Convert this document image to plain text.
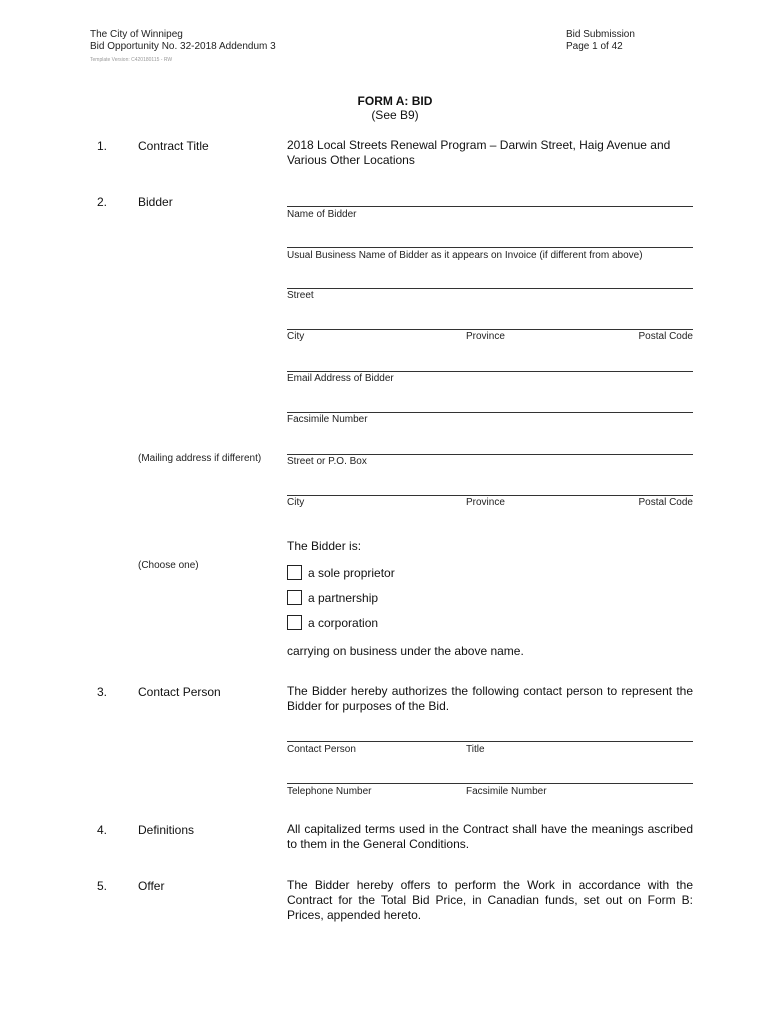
The City of Winnipeg
Bid Opportunity No. 32-2018 Addendum 3
Template Version: C420180115 - RW
Bid Submission
Page 1 of 42
FORM A: BID
(See B9)
1.	Contract Title	2018 Local Streets Renewal Program – Darwin Street, Haig Avenue and Various Other Locations
2.	Bidder
Name of Bidder
Usual Business Name of Bidder as it appears on Invoice (if different from above)
Street
City	Province	Postal Code
Email Address of Bidder
Facsimile Number
(Mailing address if different)	Street or P.O. Box
City	Province	Postal Code
The Bidder is:
(Choose one)
a sole proprietor
a partnership
a corporation
carrying on business under the above name.
3.	Contact Person	The Bidder hereby authorizes the following contact person to represent the Bidder for purposes of the Bid.
Contact Person	Title
Telephone Number	Facsimile Number
4.	Definitions	All capitalized terms used in the Contract shall have the meanings ascribed to them in the General Conditions.
5.	Offer	The Bidder hereby offers to perform the Work in accordance with the Contract for the Total Bid Price, in Canadian funds, set out on Form B: Prices, appended hereto.
